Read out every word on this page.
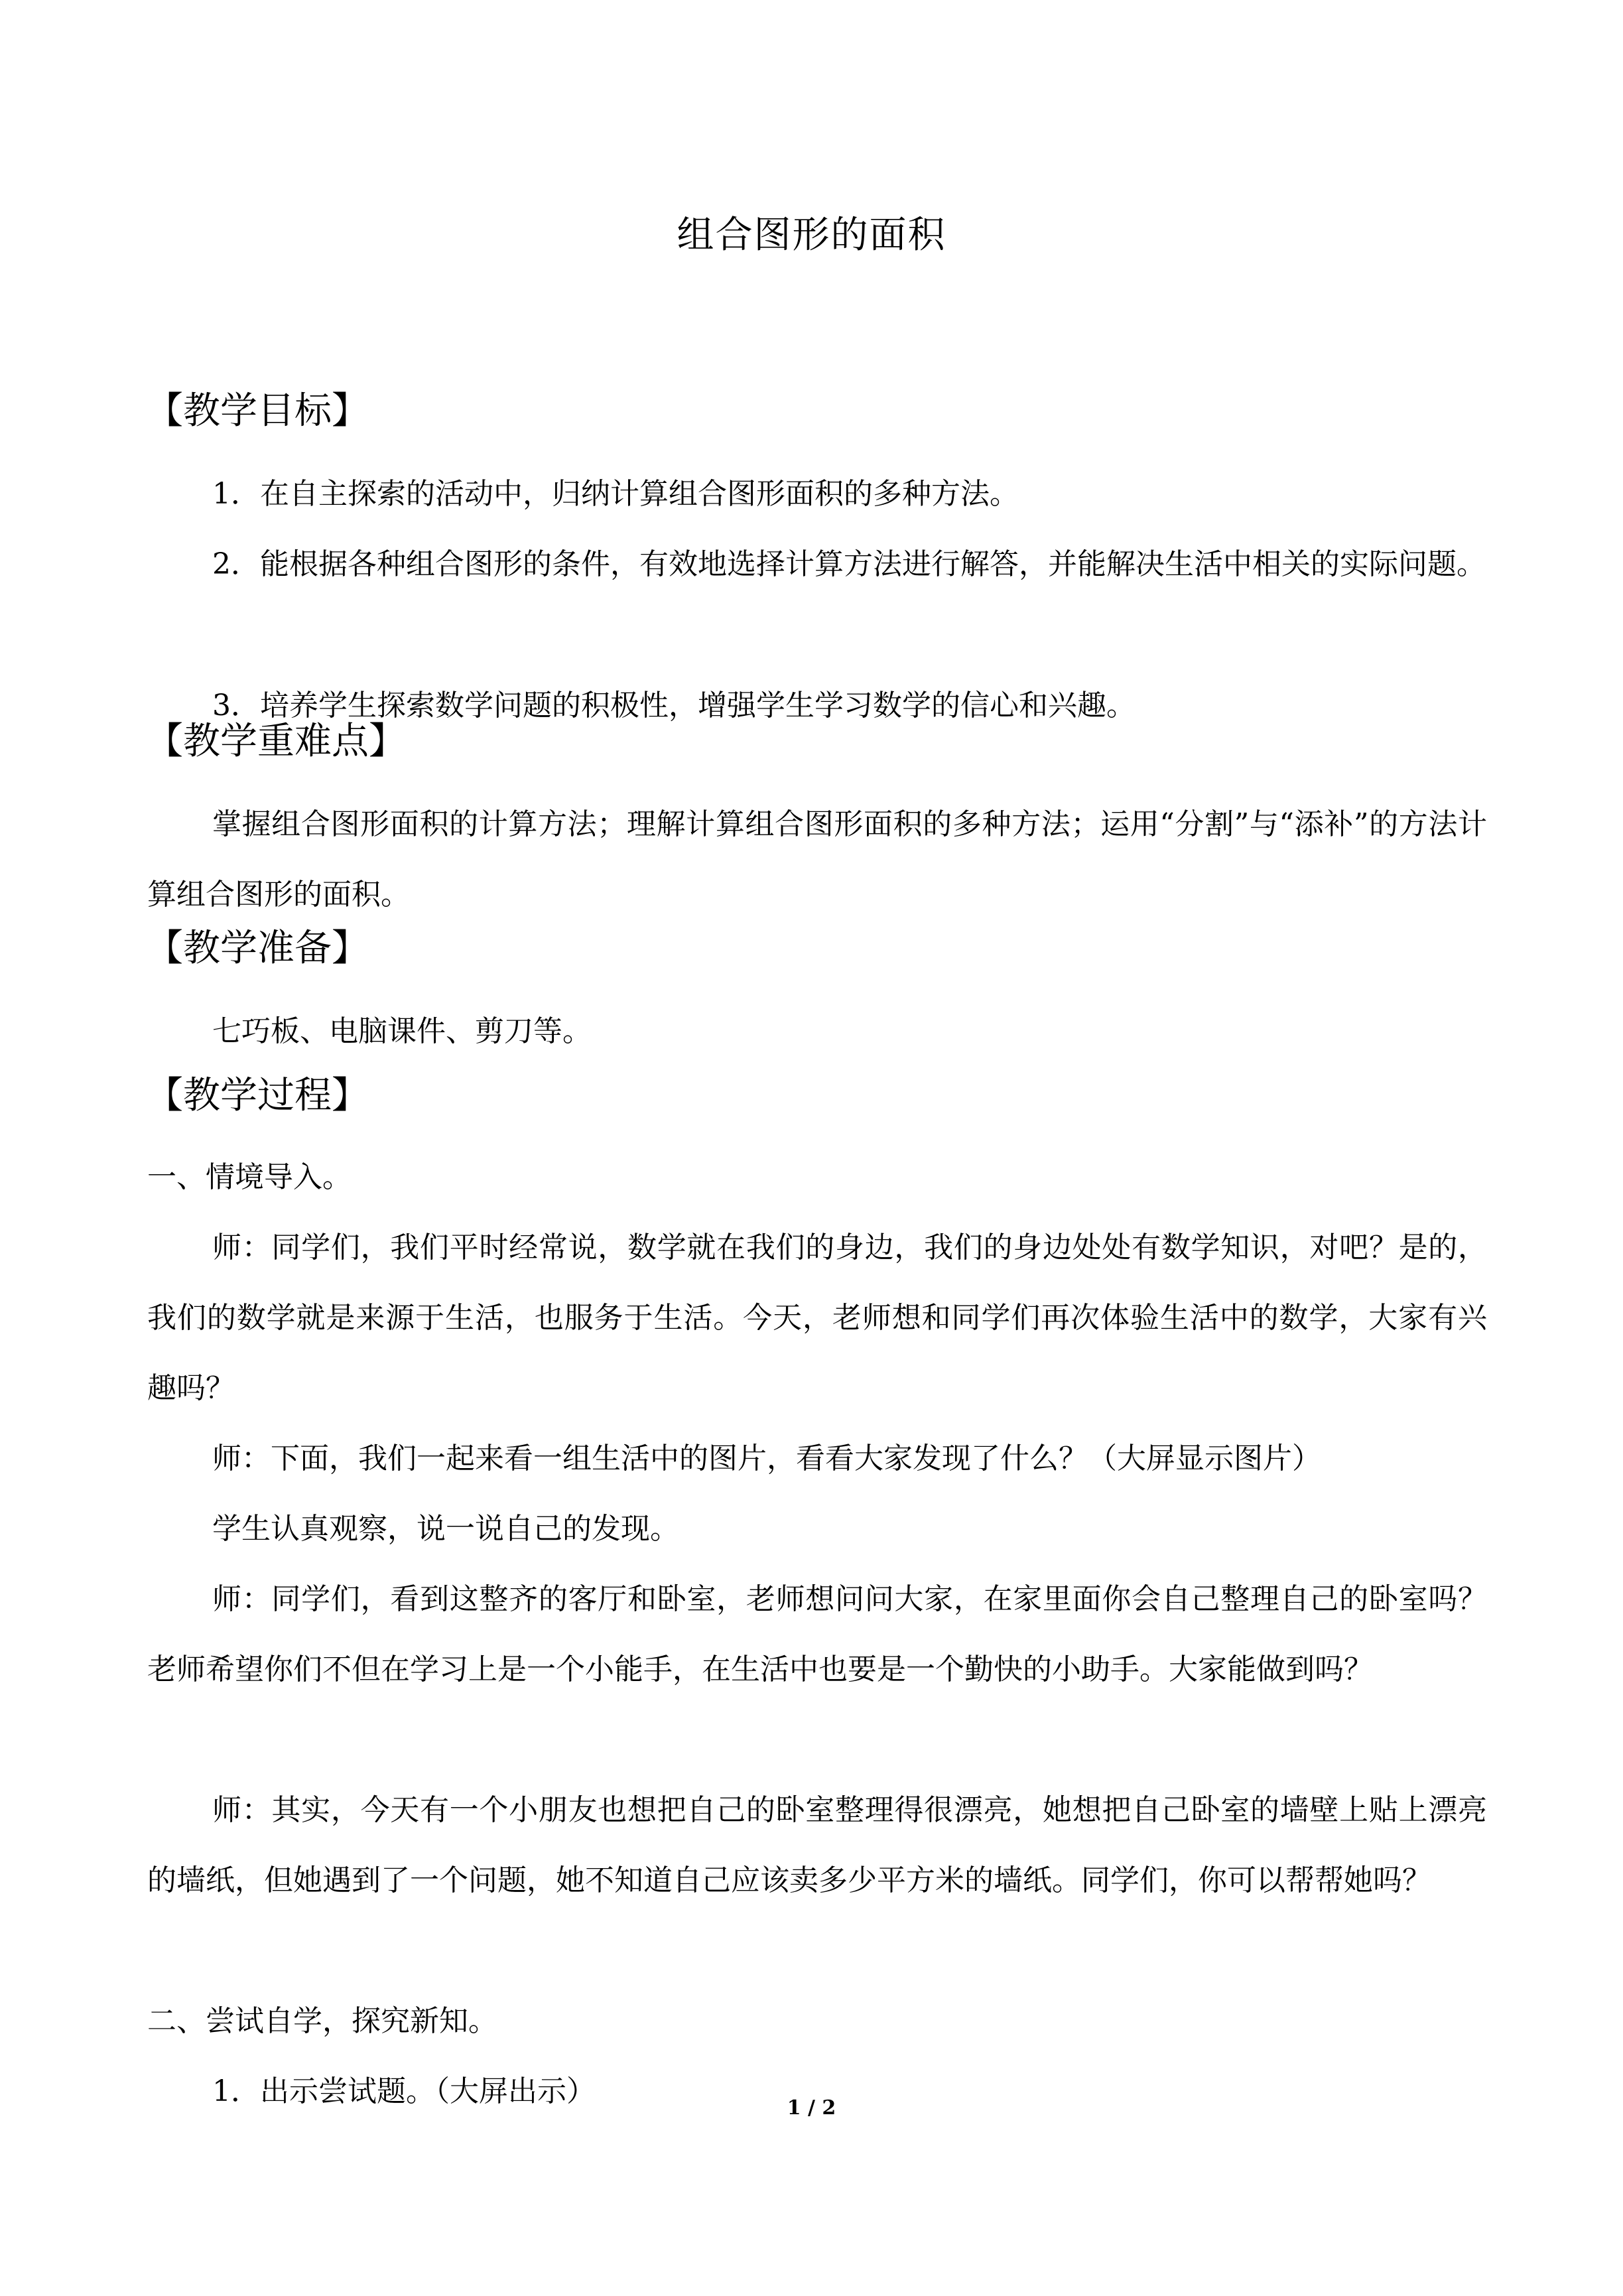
组合图形的面积
【教学目标】
1．在自主探索的活动中，归纳计算组合图形面积的多种方法。
2．能根据各种组合图形的条件，有效地选择计算方法进行解答，并能解决生活中相关的实际问题。
3．培养学生探索数学问题的积极性，增强学生学习数学的信心和兴趣。
【教学重难点】
掌握组合图形面积的计算方法；理解计算组合图形面积的多种方法；运用“分割”与“添补”的方法计算组合图形的面积。
【教学准备】
七巧板、电脑课件、剪刀等。
【教学过程】
一、情境导入。
师：同学们，我们平时经常说，数学就在我们的身边，我们的身边处处有数学知识，对吧？是的，我们的数学就是来源于生活，也服务于生活。今天，老师想和同学们再次体验生活中的数学，大家有兴趣吗？
师：下面，我们一起来看一组生活中的图片，看看大家发现了什么？（大屏显示图片）
学生认真观察，说一说自己的发现。
师：同学们，看到这整齐的客厅和卧室，老师想问问大家，在家里面你会自己整理自己的卧室吗？老师希望你们不但在学习上是一个小能手，在生活中也要是一个勤快的小助手。大家能做到吗？
师：其实，今天有一个小朋友也想把自己的卧室整理得很漂亮，她想把自己卧室的墙壁上贴上漂亮的墙纸，但她遇到了一个问题，她不知道自己应该卖多少平方米的墙纸。同学们，你可以帮帮她吗？
二、尝试自学，探究新知。
1．出示尝试题。（大屏出示）	1 / 2
